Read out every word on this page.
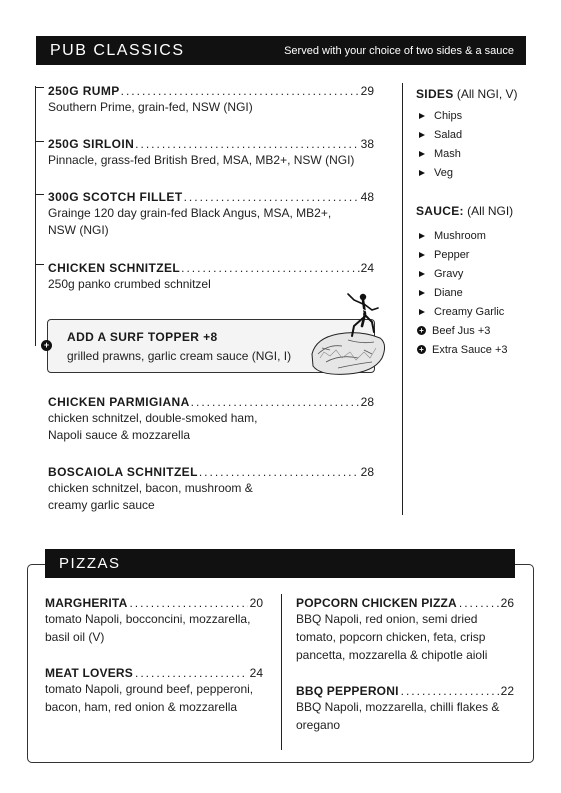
PUB CLASSICS	Served with your choice of two sides & a sauce
250G RUMP .....	29
Southern Prime, grain-fed, NSW (NGI)
250G SIRLOIN .....	38
Pinnacle, grass-fed British Bred, MSA, MB2+, NSW (NGI)
300G SCOTCH FILLET .....	48
Grainge 120 day grain-fed Black Angus, MSA, MB2+, NSW (NGI)
CHICKEN SCHNITZEL .....	24
250g panko crumbed schnitzel
ADD A SURF TOPPER +8
grilled prawns, garlic cream sauce (NGI, I)
+
CHICKEN PARMIGIANA .....	28
chicken schnitzel, double-smoked ham, Napoli sauce & mozzarella
BOSCAIOLA SCHNITZEL .....	28
chicken schnitzel, bacon, mushroom & creamy garlic sauce
SIDES (All NGI, V)
Chips
Salad
Mash
Veg
SAUCE: (All NGI)
Mushroom
Pepper
Gravy
Diane
Creamy Garlic
+ Beef Jus +3
+ Extra Sauce +3
PIZZAS
MARGHERITA .....	20
tomato Napoli, bocconcini, mozzarella, basil oil (V)
MEAT LOVERS .....	24
tomato Napoli, ground beef, pepperoni, bacon, ham, red onion & mozzarella
POPCORN CHICKEN PIZZA .....	26
BBQ Napoli, red onion, semi dried tomato, popcorn chicken, feta, crisp pancetta, mozzarella & chipotle aioli
BBQ PEPPERONI .....	22
BBQ Napoli, mozzarella, chilli flakes & oregano
